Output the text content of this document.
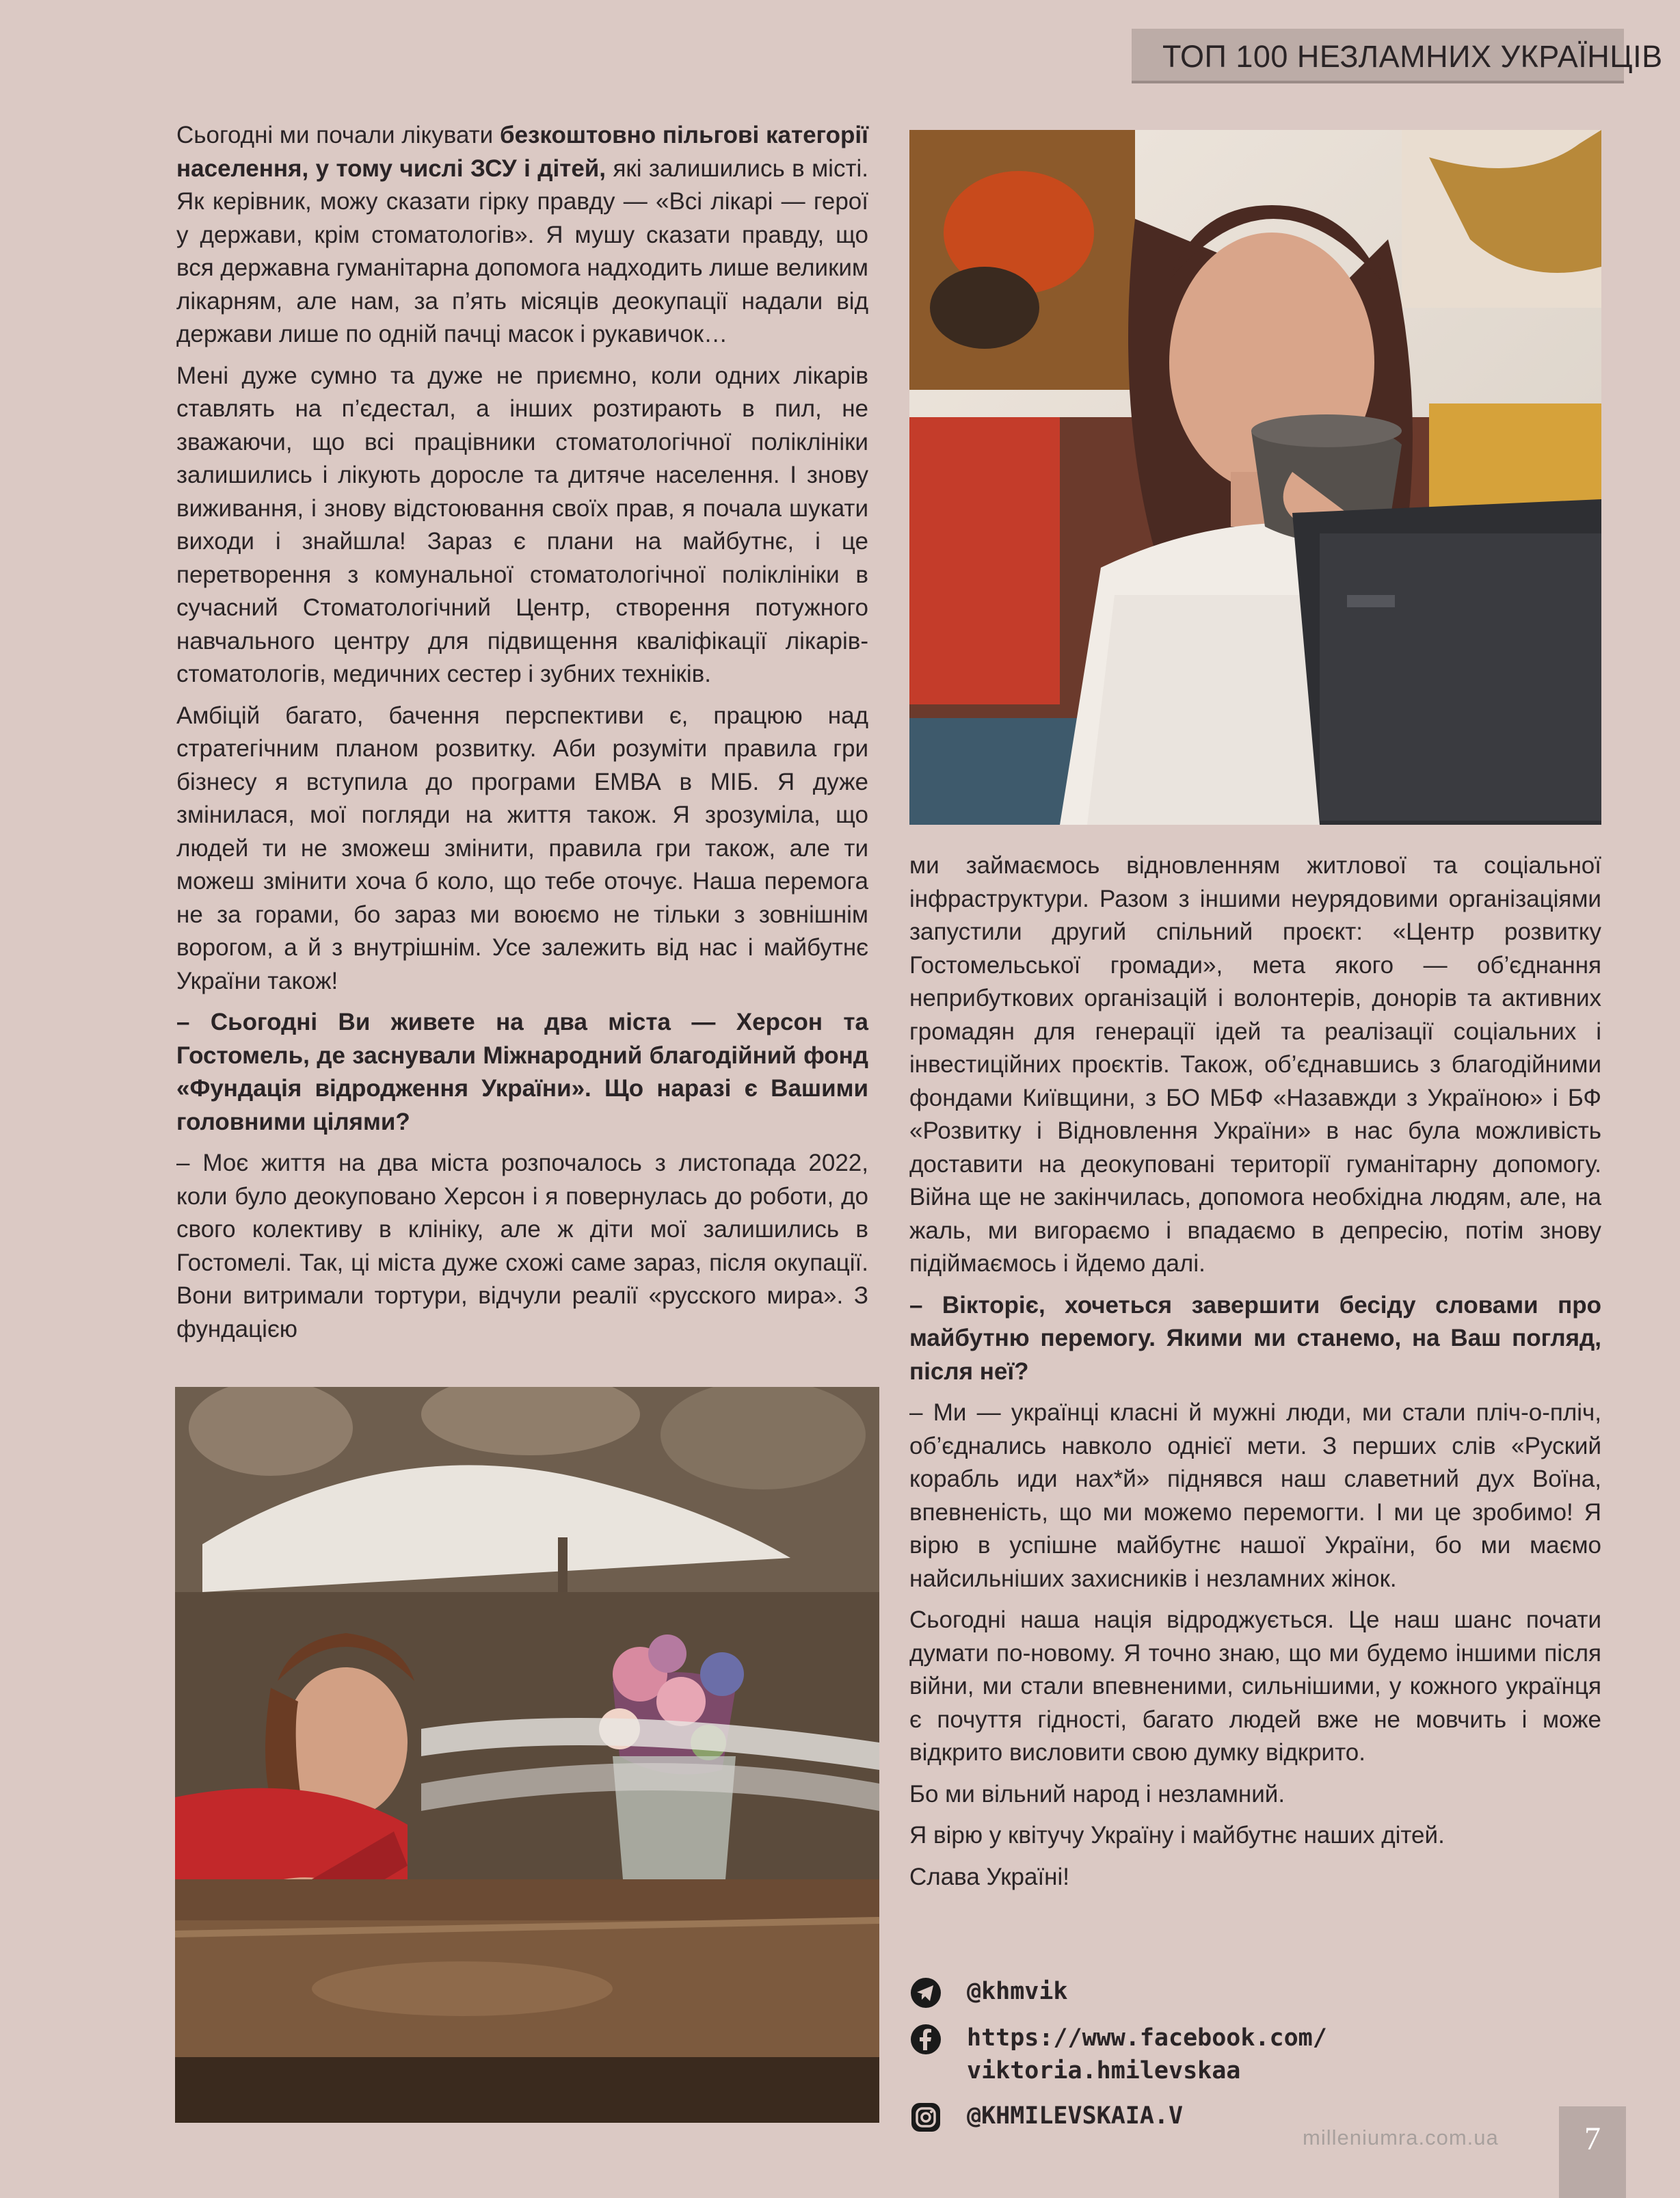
ТОП 100 НЕЗЛАМНИХ УКРАЇНЦІВ

Сьогодні ми почали лікувати безкоштовно пільгові категорії населення, у тому числі ЗСУ і дітей, які залишились в місті. Як керівник, можу сказати гірку правду — «Всі лікарі — герої у держави, крім стоматологів». Я мушу сказати правду, що вся державна гуманітарна допомога надходить лише великим лікарням, але нам, за п’ять місяців деокупації надали від держави лише по одній пачці масок і рукавичок…

Мені дуже сумно та дуже не приємно, коли одних лікарів ставлять на п’єдестал, а інших розтирають в пил, не зважаючи, що всі працівники стоматологічної поліклініки залишились і лікують доросле та дитяче населення. І знову виживання, і знову відстоювання своїх прав, я почала шукати виходи і знайшла! Зараз є плани на майбутнє, і це перетворення з комунальної стоматологічної поліклініки в сучасний Стоматологічний Центр, створення потужного навчального центру для підвищення кваліфікації лікарів-стоматологів, медичних сестер і зубних техніків.

Амбіцій багато, бачення перспективи є, працюю над стратегічним планом розвитку. Аби розуміти правила гри бізнесу я вступила до програми ЕМВА в МІБ. Я дуже змінилася, мої погляди на життя також. Я зрозуміла, що людей ти не зможеш змінити, правила гри також, але ти можеш змінити хоча б коло, що тебе оточує. Наша перемога не за горами, бо зараз ми воюємо не тільки з зовнішнім ворогом, а й з внутрішнім. Усе залежить від нас і майбутнє України також!

– Сьогодні Ви живете на два міста — Херсон та Гостомель, де заснували Міжнародний благодійний фонд «Фундація відродження України». Що наразі є Вашими головними цілями?

– Моє життя на два міста розпочалось з листопада 2022, коли було деокуповано Херсон і я повернулась до роботи, до свого колективу в клініку, але ж діти мої залишились в Гостомелі. Так, ці міста дуже схожі саме зараз, після окупації. Вони витримали тортури, відчули реалії «русского мира». З фундацією

ми займаємось відновленням житлової та соціальної інфраструктури. Разом з іншими неурядовими організаціями запустили другий спільний проєкт: «Центр розвитку Гостомельської громади», мета якого — об’єднання неприбуткових організацій і волонтерів, донорів та активних громадян для генерації ідей та реалізації соціальних і інвестиційних проєктів. Також, об’єднавшись з благодійними фондами Київщини, з БО МБФ «Назавжди з Україною» і БФ «Розвитку і Відновлення України» в нас була можливість доставити на деокуповані території гуманітарну допомогу. Війна ще не закінчилась, допомога необхідна людям, але, на жаль, ми вигораємо і впадаємо в депресію, потім знову підіймаємось і йдемо далі.

– Вікторіє, хочеться завершити бесіду словами про майбутню перемогу. Якими ми станемо, на Ваш погляд, після неї?

– Ми — українці класні й мужні люди, ми стали пліч-о-пліч, об’єднались навколо однієї мети. З перших слів «Руский корабль иди нах*й» піднявся наш славетний дух Воїна, впевненість, що ми можемо перемогти. І ми це зробимо! Я вірю в успішне майбутнє нашої України, бо ми маємо найсильніших захисників і незламних жінок.

Сьогодні наша нація відроджується. Це наш шанс почати думати по-новому. Я точно знаю, що ми будемо іншими після війни, ми стали впевненими, сильнішими, у кожного українця є почуття гідності, багато людей вже не мовчить і може відкрито висловити свою думку відкрито.

Бо ми вільний народ і незламний.

Я вірю у квітучу Україну і майбутнє наших дітей.

Слава Україні!

@khmvik
https://www.facebook.com/
viktoria.hmilevskaa
@KHMILEVSKAIA.V
milleniumra.com.ua	7
